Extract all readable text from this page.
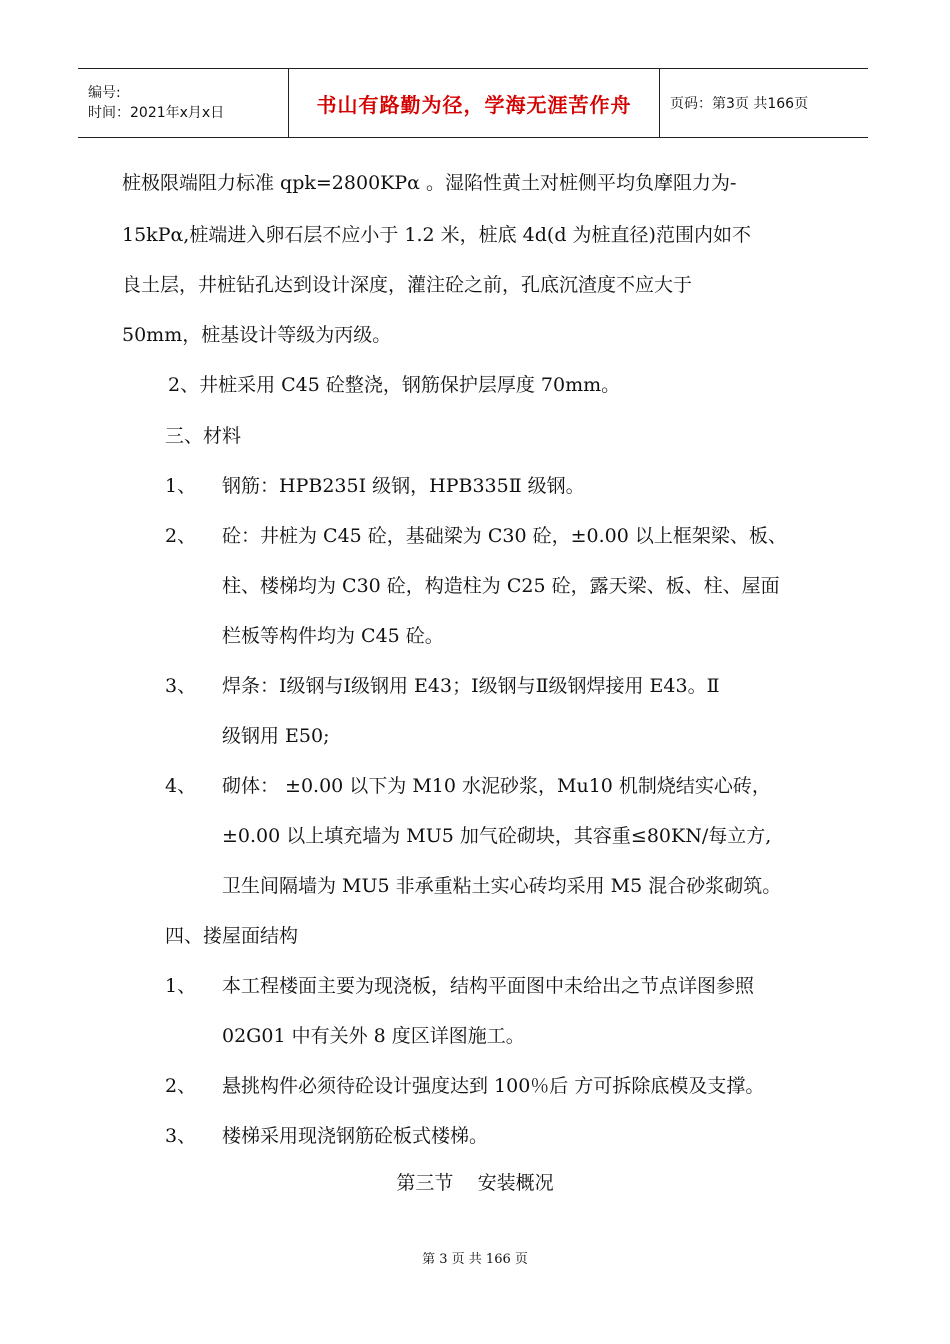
编号:
时间：2021年x月x日	书山有路勤为径，学海无涯苦作舟	页码：第3页 共166页
桩极限端阻力标准 qpk=2800KPα 。湿陷性黄土对桩侧平均负摩阻力为-
15kPα,桩端进入卵石层不应小于 1.2 米，桩底 4d(d 为桩直径)范围内如不
良土层，井桩钻孔达到设计深度，灌注砼之前，孔底沉渣度不应大于
50mm，桩基设计等级为丙级。
2、井桩采用 C45 砼整浇，钢筋保护层厚度 70mm。
三、材料
1、 钢筋：HPB235Ⅰ 级钢，HPB335Ⅱ 级钢。
2、 砼：井桩为 C45 砼，基础梁为 C30 砼，±0.00 以上框架梁、板、
柱、楼梯均为 C30 砼，构造柱为 C25 砼，露天梁、板、柱、屋面
栏板等构件均为 C45 砼。
3、 焊条：Ⅰ级钢与Ⅰ级钢用 E43；Ⅰ级钢与Ⅱ级钢焊接用 E43。Ⅱ
级钢用 E50;
4、 砌体： ±0.00 以下为 M10 水泥砂浆，Mu10 机制烧结实心砖，
±0.00 以上填充墙为 MU5 加气砼砌块，其容重≤80KN/每立方,
卫生间隔墙为 MU5 非承重粘土实心砖均采用 M5 混合砂浆砌筑。
四、搂屋面结构
1、 本工程楼面主要为现浇板，结构平面图中未给出之节点详图参照
02G01 中有关外 8 度区详图施工。
2、 悬挑构件必须待砼设计强度达到 100％后 方可拆除底模及支撑。
3、 楼梯采用现浇钢筋砼板式楼梯。
第三节    安装概况
第 3 页 共 166 页
